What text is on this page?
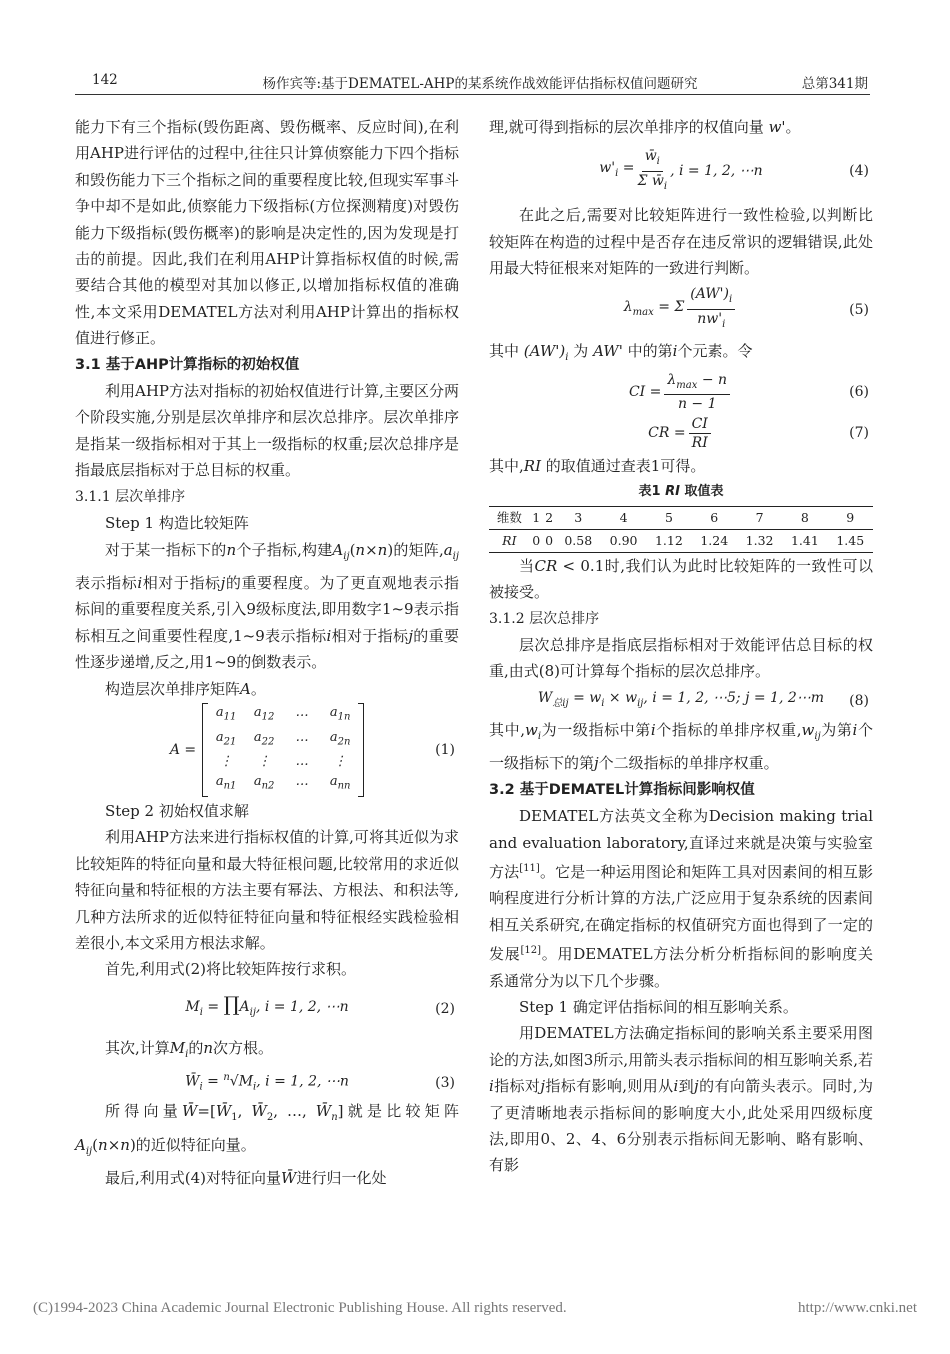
142	杨作宾等:基于DEMATEL-AHP的某系统作战效能评估指标权值问题研究	总第341期

能力下有三个指标(毁伤距离、毁伤概率、反应时间),在利用AHP进行评估的过程中,往往只计算侦察能力下四个指标和毁伤能力下三个指标之间的重要程度比较,但现实军事斗争中却不是如此,侦察能力下级指标(方位探测精度)对毁伤能力下级指标(毁伤概率)的影响是决定性的,因为发现是打击的前提。因此,我们在利用AHP计算指标权值的时候,需要结合其他的模型对其加以修正,以增加指标权值的准确性,本文采用DEMATEL方法对利用AHP计算出的指标权值进行修正。

3.1 基于AHP计算指标的初始权值

利用AHP方法对指标的初始权值进行计算,主要区分两个阶段实施,分别是层次单排序和层次总排序。层次单排序是指某一级指标相对于其上一级指标的权重;层次总排序是指最底层指标对于总目标的权重。

3.1.1 层次单排序

Step 1 构造比较矩阵

对于某一指标下的n个子指标,构建$A_{ij}(n\times n)$的矩阵$,a_{ij}$表示指标i相对于指标j的重要程度。为了更直观地表示指标间的重要程度关系,引入9级标度法,即用数字1~9表示指标相互之间重要性程度,1~9表示指标i相对于指标j的重要性逐步递增,反之,用1~9的倒数表示。

构造层次单排序矩阵A。

A =
$a_{11}$	$a_{12}$	…	$a_{1n}$
$a_{21}$	$a_{22}$	…	$a_{2n}$
⋮	⋮	…	⋮
$a_{n1}$	$a_{n2}$	…	$a_{nn}$
(1)

Step 2 初始权值求解

利用AHP方法来进行指标权值的计算,可将其近似为求比较矩阵的特征向量和最大特征根问题,比较常用的求近似特征向量和特征根的方法主要有幂法、方根法、和积法等,几种方法所求的近似特征特征向量和特征根经实践检验相差很小,本文采用方根法求解。

首先,利用式(2)将比较矩阵按行求积。

$M_i$ = $\prod A_{ij}$, i = 1, 2, ⋯n	(2)

其次,计算$M_i$的n次方根。

$W̄_i = ^n√M_i$, i = 1, 2, ⋯n	(3)

所得向量$W̄=[W̄_1$, $W̄_2$, …, $W̄_n$]就是比较矩阵$A_{ij}(n\times n)$的近似特征向量。

最后,利用式(4)对特征向量W̄进行归一化处

理,就可得到指标的层次单排序的权值向量 w'。

$w'_i = \frac{w̄_i}{\Sigma w̄_i}$ , i = 1, 2, ⋯n	(4)

在此之后,需要对比较矩阵进行一致性检验,以判断比较矩阵在构造的过程中是否存在违反常识的逻辑错误,此处用最大特征根来对矩阵的一致进行判断。

$\lambda_{max} = \Sigma \frac{(AW')_i}{nw'_i}$	(5)

其中 $(AW')_i$ 为 AW' 中的第i个元素。令

CI = $\frac{\lambda_{max} - n}{n - 1}$	(6)
CR = $\frac{CI}{RI}$	(7)

其中,RI 的取值通过查表1可得。

表1 RI 取值表

维数	1	2	3	4	5	6	7	8	9
RI	0	0	0.58	0.90	1.12	1.24	1.32	1.41	1.45

当CR < 0.1时,我们认为此时比较矩阵的一致性可以被接受。

3.1.2 层次总排序

层次总排序是指底层指标相对于效能评估总目标的权重,由式(8)可计算每个指标的层次总排序。

$W_{总ij} = w_i \times w_{ij}$, i = 1, 2, ⋯5; j = 1, 2⋯m (8)

其中$,w_i$为一级指标中第i个指标的单排序权重$,w_{ij}$为第i个一级指标下的第j个二级指标的单排序权重。

3.2 基于DEMATEL计算指标间影响权值

DEMATEL方法英文全称为Decision making trial and evaluation laboratory,直译过来就是决策与实验室方法[11]。它是一种运用图论和矩阵工具对因素间的相互影响程度进行分析计算的方法,广泛应用于复杂系统的因素间相互关系研究,在确定指标的权值研究方面也得到了一定的发展[12]。用DEMATEL方法分析分析指标间的影响度关系通常分为以下几个步骤。

Step 1 确定评估指标间的相互影响关系。

用DEMATEL方法确定指标间的影响关系主要采用图论的方法,如图3所示,用箭头表示指标间的相互影响关系,若i指标对j指标有影响,则用从i到j的有向箭头表示。同时,为了更清晰地表示指标间的影响度大小,此处采用四级标度法,即用0、2、4、6分别表示指标间无影响、略有影响、有影

(C)1994-2023 China Academic Journal Electronic Publishing House. All rights reserved.	http://www.cnki.net
